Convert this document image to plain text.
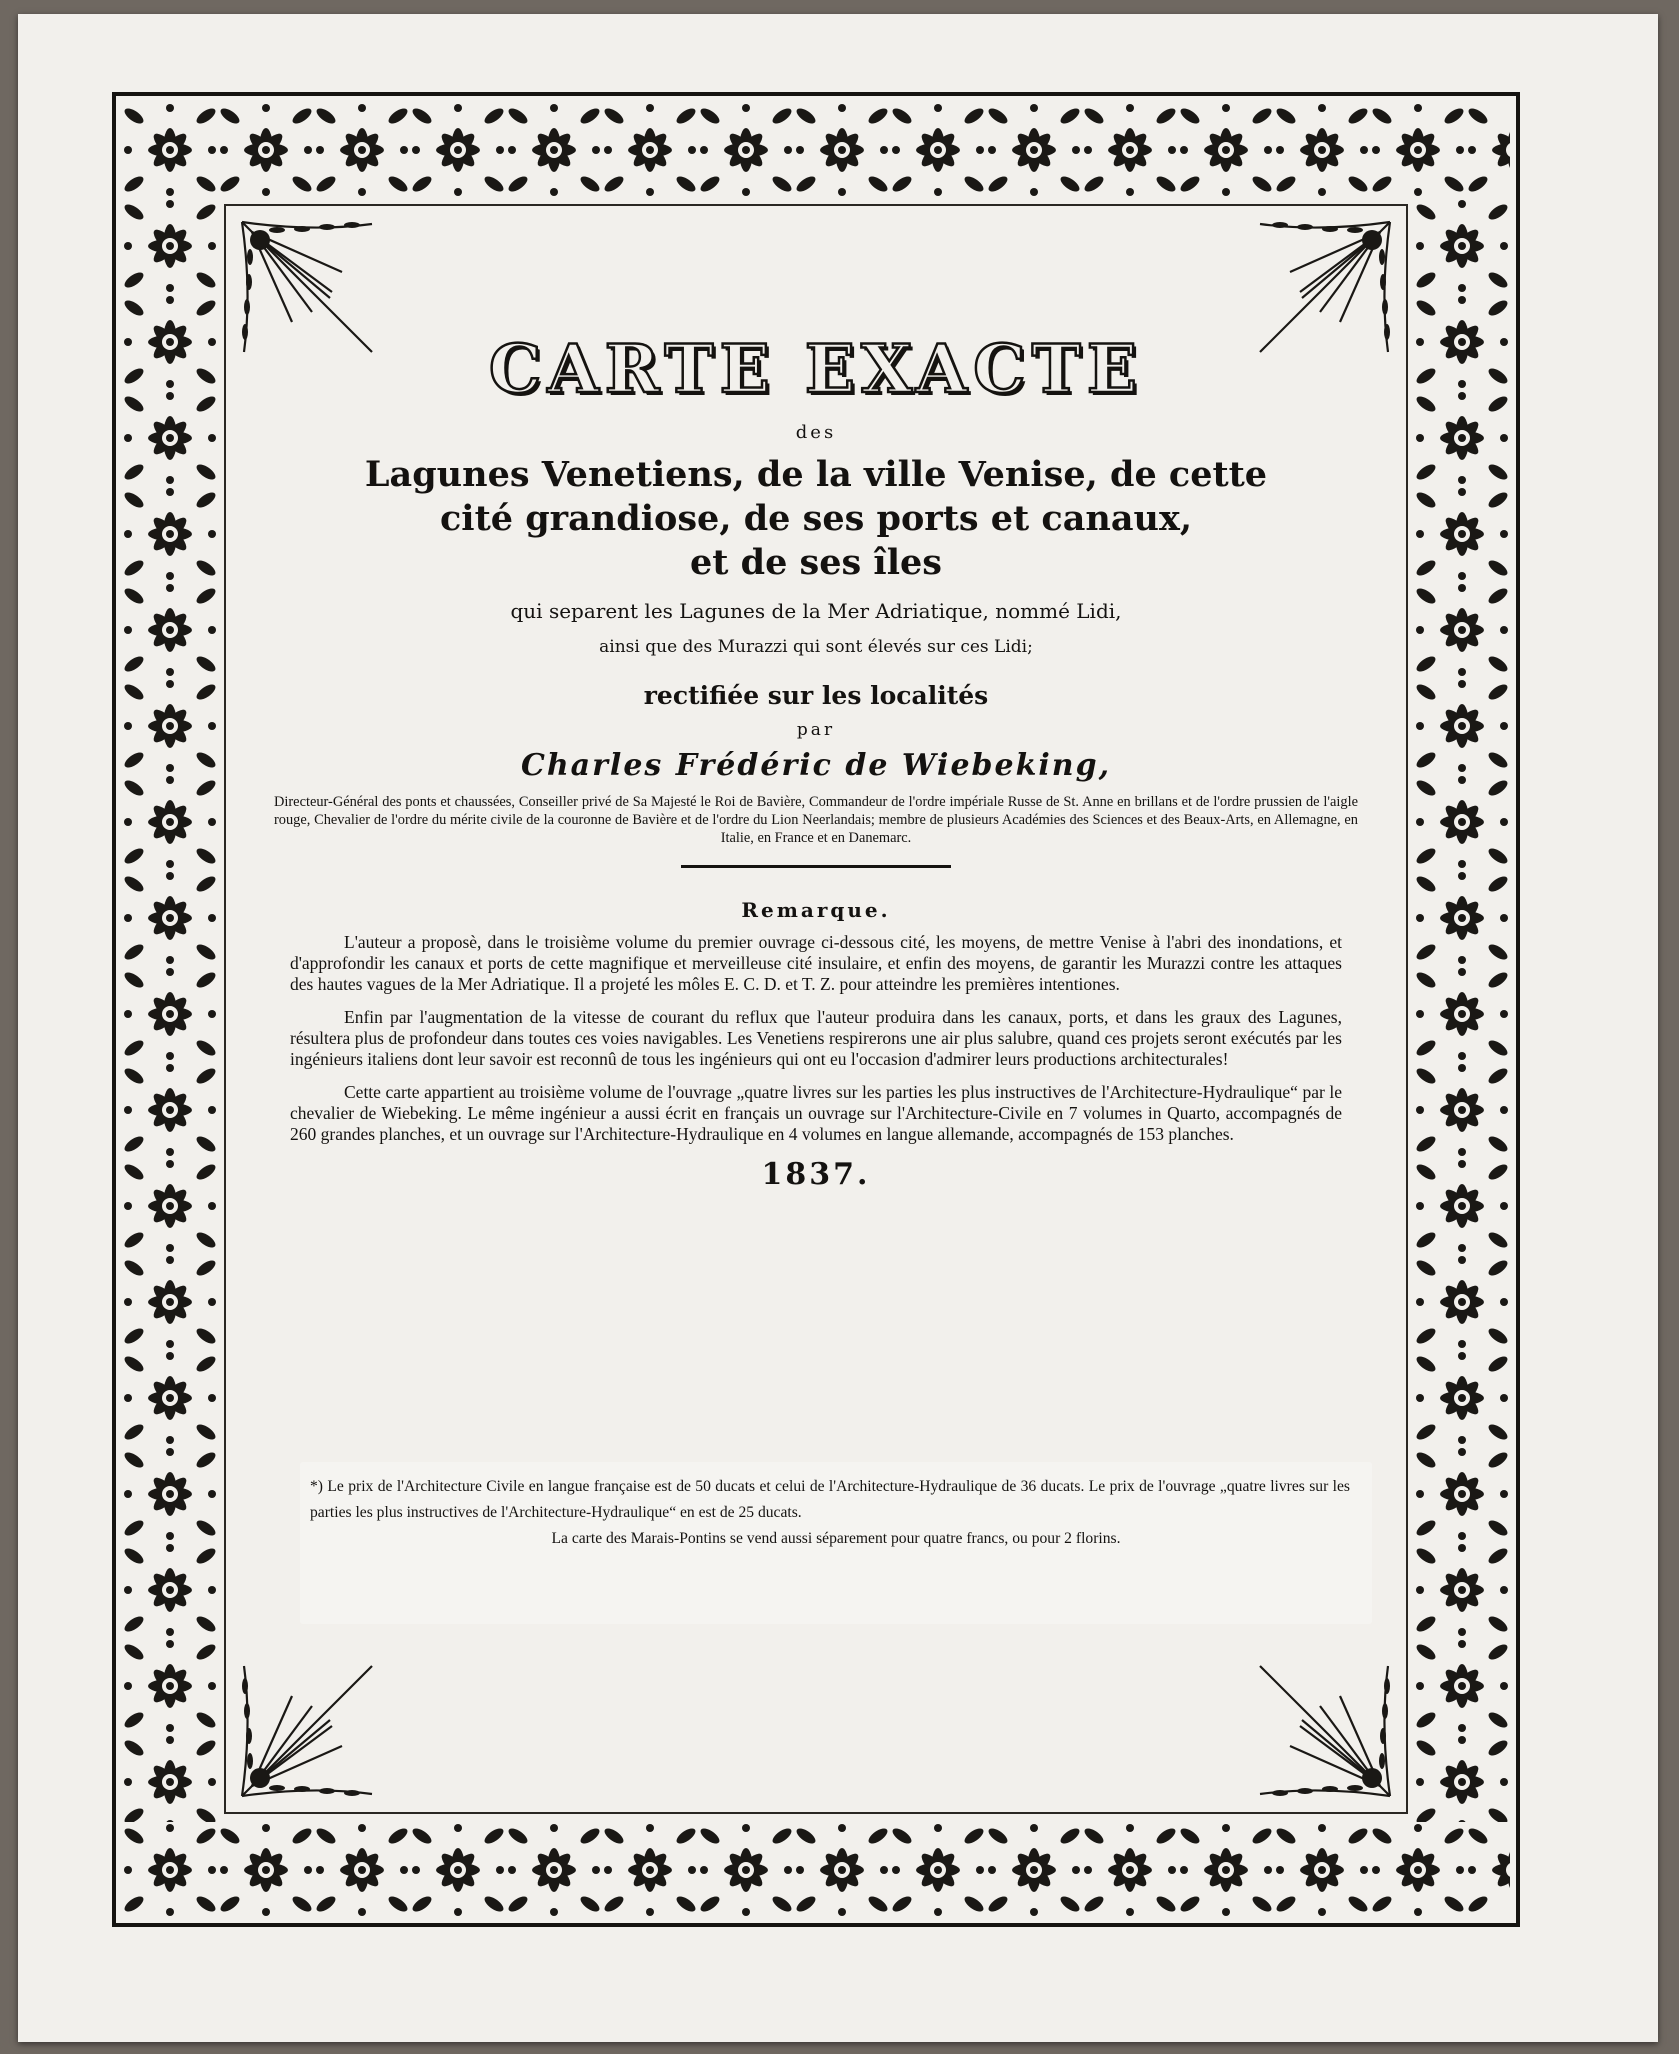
CARTE EXACTE
des
Lagunes Venetiens, de la ville Venise, de cette
cité grandiose, de ses ports et canaux,
et de ses îles
qui separent les Lagunes de la Mer Adriatique, nommé Lidi,
ainsi que des Murazzi qui sont élevés sur ces Lidi;
rectifiée sur les localités
par
Charles Frédéric de Wiebeking,
Directeur-Général des ponts et chaussées, Conseiller privé de Sa Majesté le Roi de Bavière, Commandeur de l'ordre impériale Russe de St. Anne en brillans et de l'ordre prussien de l'aigle rouge, Chevalier de l'ordre du mérite civile de la couronne de Bavière et de l'ordre du Lion Neerlandais; membre de plusieurs Académies des Sciences et des Beaux-Arts, en Allemagne, en Italie, en France et en Danemarc.
Remarque.

L'auteur a proposè, dans le troisième volume du premier ouvrage ci-dessous cité, les moyens, de mettre Venise à l'abri des inondations, et d'approfondir les canaux et ports de cette magnifique et merveilleuse cité insulaire, et enfin des moyens, de garantir les Murazzi contre les attaques des hautes vagues de la Mer Adriatique. Il a projeté les môles E. C. D. et T. Z. pour atteindre les premières intentiones.

Enfin par l'augmentation de la vitesse de courant du reflux que l'auteur produira dans les canaux, ports, et dans les graux des Lagunes, résultera plus de profondeur dans toutes ces voies navigables. Les Venetiens respirerons une air plus salubre, quand ces projets seront exécutés par les ingénieurs italiens dont leur savoir est reconnû de tous les ingénieurs qui ont eu l'occasion d'admirer leurs productions architecturales!

Cette carte appartient au troisième volume de l'ouvrage „quatre livres sur les parties les plus instructives de l'Architecture-Hydraulique“ par le chevalier de Wiebeking. Le même ingénieur a aussi écrit en français un ouvrage sur l'Architecture-Civile en 7 volumes in Quarto, accompagnés de 260 grandes planches, et un ouvrage sur l'Architecture-Hydraulique en 4 volumes en langue allemande, accompagnés de 153 planches.

1837.

*) Le prix de l'Architecture Civile en langue française est de 50 ducats et celui de l'Architecture-Hydraulique de 36 ducats. Le prix de l'ouvrage „quatre livres sur les parties les plus instructives de l'Architecture-Hydraulique“ en est de 25 ducats.

La carte des Marais-Pontins se vend aussi séparement pour quatre francs, ou pour 2 florins.
